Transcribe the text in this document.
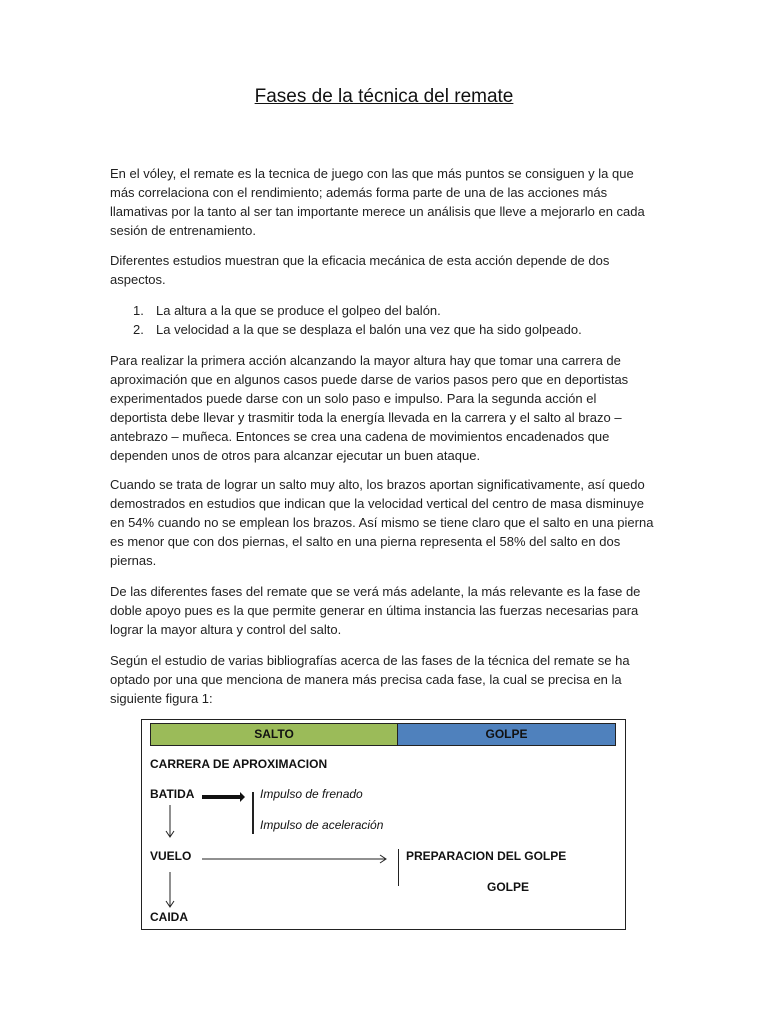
Fases de la técnica del remate

En el vóley, el remate es la tecnica de juego con las que más puntos se consiguen y la que más correlaciona con el rendimiento; además forma parte de una de las acciones más llamativas por la tanto al ser tan importante merece un análisis que lleve a mejorarlo en cada sesión de entrenamiento.

Diferentes estudios muestran que la eficacia mecánica de esta acción depende de dos aspectos.

1. La altura a la que se produce el golpeo del balón.
2. La velocidad a la que se desplaza el balón una vez que ha sido golpeado.

Para realizar la primera acción alcanzando la mayor altura hay que tomar una carrera de aproximación que en algunos casos puede darse de varios pasos pero que en deportistas experimentados puede darse con un solo paso e impulso. Para la segunda acción el deportista debe llevar y trasmitir toda la energía llevada en la carrera y el salto al brazo – antebrazo – muñeca. Entonces se crea una cadena de movimientos encadenados que dependen unos de otros para alcanzar ejecutar un buen ataque.

Cuando se trata de lograr un salto muy alto, los brazos aportan significativamente, así quedo demostrados en estudios que indican que la velocidad vertical del centro de masa disminuye en 54% cuando no se emplean los brazos. Así mismo se tiene claro que el salto en una pierna es menor que con dos piernas, el salto en una pierna representa el 58% del salto en dos piernas.

De las diferentes fases del remate que se verá más adelante, la más relevante es la fase de doble apoyo pues es la que permite generar en última instancia las fuerzas necesarias para lograr la mayor altura y control del salto.

Según el estudio de varias bibliografías acerca de las fases de la técnica del remate se ha optado por una que menciona de manera más precisa cada fase, la cual se precisa en la siguiente figura 1:

SALTO	GOLPE
CARRERA DE APROXIMACION
BATIDA	Impulso de frenado
Impulso de aceleración
VUELO	PREPARACION DEL GOLPE
GOLPE
CAIDA
